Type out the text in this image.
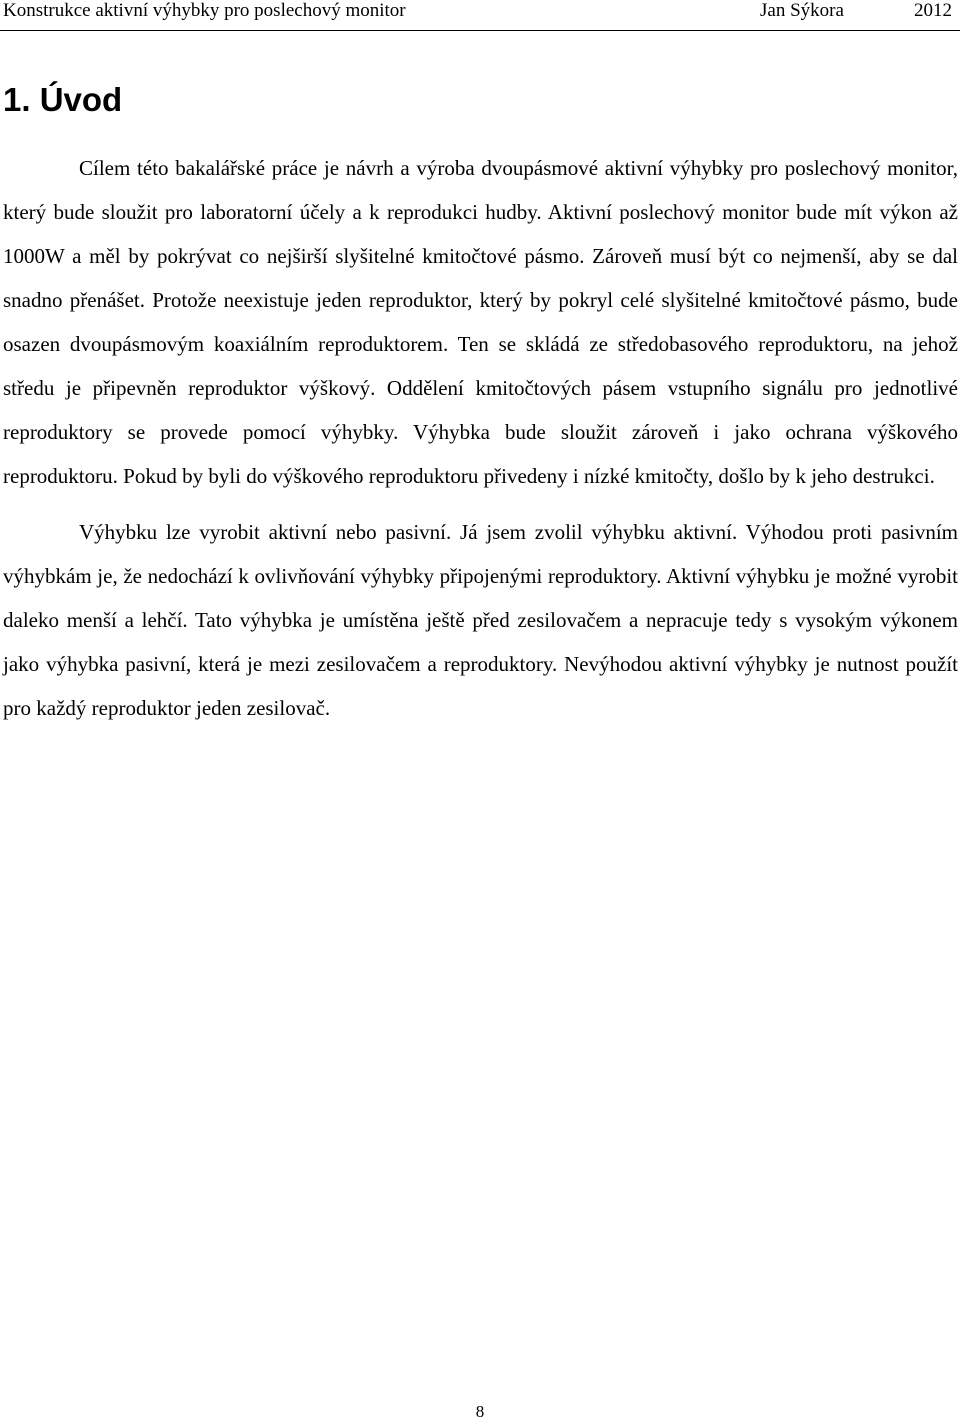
Konstrukce aktivní výhybky pro poslechový monitor	Jan Sýkora	2012
1. Úvod

Cílem této bakalářské práce je návrh a výroba dvoupásmové aktivní výhybky pro poslechový monitor, který bude sloužit pro laboratorní účely a k reprodukci hudby. Aktivní poslechový monitor bude mít výkon až 1000W a měl by pokrývat co nejširší slyšitelné kmitočtové pásmo. Zároveň musí být co nejmenší, aby se dal snadno přenášet. Protože neexistuje jeden reproduktor, který by pokryl celé slyšitelné kmitočtové pásmo, bude osazen dvoupásmovým koaxiálním reproduktorem. Ten se skládá ze středobasového reproduktoru, na jehož středu je připevněn reproduktor výškový. Oddělení kmitočtových pásem vstupního signálu pro jednotlivé reproduktory se provede pomocí výhybky. Výhybka bude sloužit zároveň i jako ochrana výškového reproduktoru. Pokud by byli do výškového reproduktoru přivedeny i nízké kmitočty, došlo by k jeho destrukci.

Výhybku lze vyrobit aktivní nebo pasivní. Já jsem zvolil výhybku aktivní. Výhodou proti pasivním výhybkám je, že nedochází k ovlivňování výhybky připojenými reproduktory. Aktivní výhybku je možné vyrobit daleko menší a lehčí. Tato výhybka je umístěna ještě před zesilovačem a nepracuje tedy s vysokým výkonem jako výhybka pasivní, která je mezi zesilovačem a reproduktory. Nevýhodou aktivní výhybky je nutnost použít pro každý reproduktor jeden zesilovač.

8
